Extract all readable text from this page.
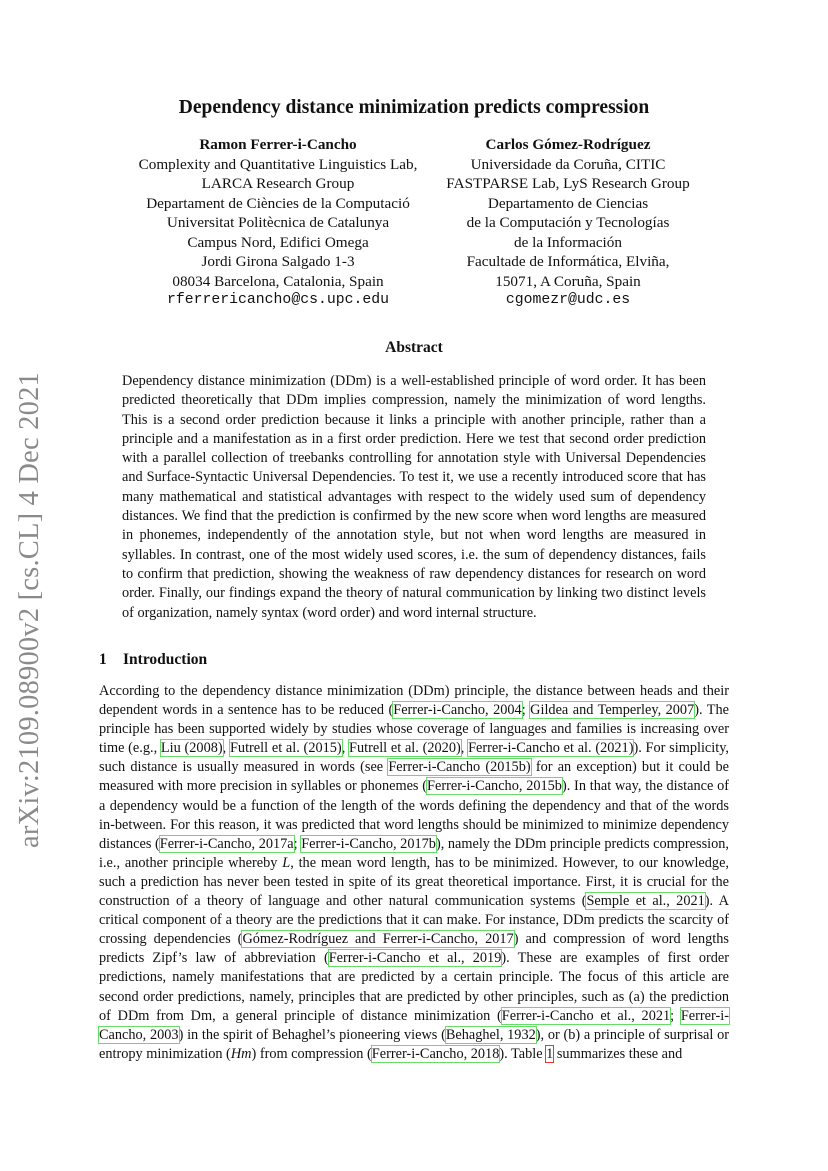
arXiv:2109.08900v2 [cs.CL] 4 Dec 2021
Dependency distance minimization predicts compression
Ramon Ferrer-i-Cancho
Complexity and Quantitative Linguistics Lab,
LARCA Research Group
Departament de Ciències de la Computació
Universitat Politècnica de Catalunya
Campus Nord, Edifici Omega
Jordi Girona Salgado 1-3
08034 Barcelona, Catalonia, Spain
rferrericancho@cs.upc.edu
Carlos Gómez-Rodríguez
Universidade da Coruña, CITIC
FASTPARSE Lab, LyS Research Group
Departamento de Ciencias
de la Computación y Tecnologías
de la Información
Facultade de Informática, Elviña,
15071, A Coruña, Spain
cgomezr@udc.es
Abstract
Dependency distance minimization (DDm) is a well-established principle of word order. It has been predicted theoretically that DDm implies compression, namely the minimization of word lengths. This is a second order prediction because it links a principle with another principle, rather than a principle and a manifestation as in a first order prediction. Here we test that second order prediction with a parallel collection of treebanks controlling for annotation style with Universal Dependencies and Surface-Syntactic Universal Dependencies. To test it, we use a recently introduced score that has many mathematical and statistical advantages with respect to the widely used sum of dependency distances. We find that the prediction is confirmed by the new score when word lengths are measured in phonemes, independently of the annotation style, but not when word lengths are measured in syllables. In contrast, one of the most widely used scores, i.e. the sum of dependency distances, fails to confirm that prediction, showing the weakness of raw dependency distances for research on word order. Finally, our findings expand the theory of natural communication by linking two distinct levels of organization, namely syntax (word order) and word internal structure.
1 Introduction
According to the dependency distance minimization (DDm) principle, the distance between heads and their dependent words in a sentence has to be reduced (Ferrer-i-Cancho, 2004; Gildea and Temperley, 2007). The principle has been supported widely by studies whose coverage of languages and families is increasing over time (e.g., Liu (2008), Futrell et al. (2015), Futrell et al. (2020), Ferrer-i-Cancho et al. (2021)). For simplicity, such distance is usually measured in words (see Ferrer-i-Cancho (2015b) for an exception) but it could be measured with more precision in syllables or phonemes (Ferrer-i-Cancho, 2015b). In that way, the distance of a dependency would be a function of the length of the words defining the dependency and that of the words in-between. For this reason, it was predicted that word lengths should be minimized to minimize dependency distances (Ferrer-i-Cancho, 2017a; Ferrer-i-Cancho, 2017b), namely the DDm principle predicts compression, i.e., another principle whereby L, the mean word length, has to be minimized. However, to our knowledge, such a prediction has never been tested in spite of its great theoretical importance. First, it is crucial for the construction of a theory of language and other natural communication systems (Semple et al., 2021). A critical component of a theory are the predictions that it can make. For instance, DDm predicts the scarcity of crossing dependencies (Gómez-Rodríguez and Ferrer-i-Cancho, 2017) and compression of word lengths predicts Zipf’s law of abbreviation (Ferrer-i-Cancho et al., 2019). These are examples of first order predictions, namely manifestations that are predicted by a certain principle. The focus of this article are second order predictions, namely, principles that are predicted by other principles, such as (a) the prediction of DDm from Dm, a general principle of distance minimization (Ferrer-i-Cancho et al., 2021; Ferrer-i-Cancho, 2003) in the spirit of Behaghel’s pioneering views (Behaghel, 1932), or (b) a principle of surprisal or entropy minimization (Hm) from compression (Ferrer-i-Cancho, 2018). Table 1 summarizes these and
